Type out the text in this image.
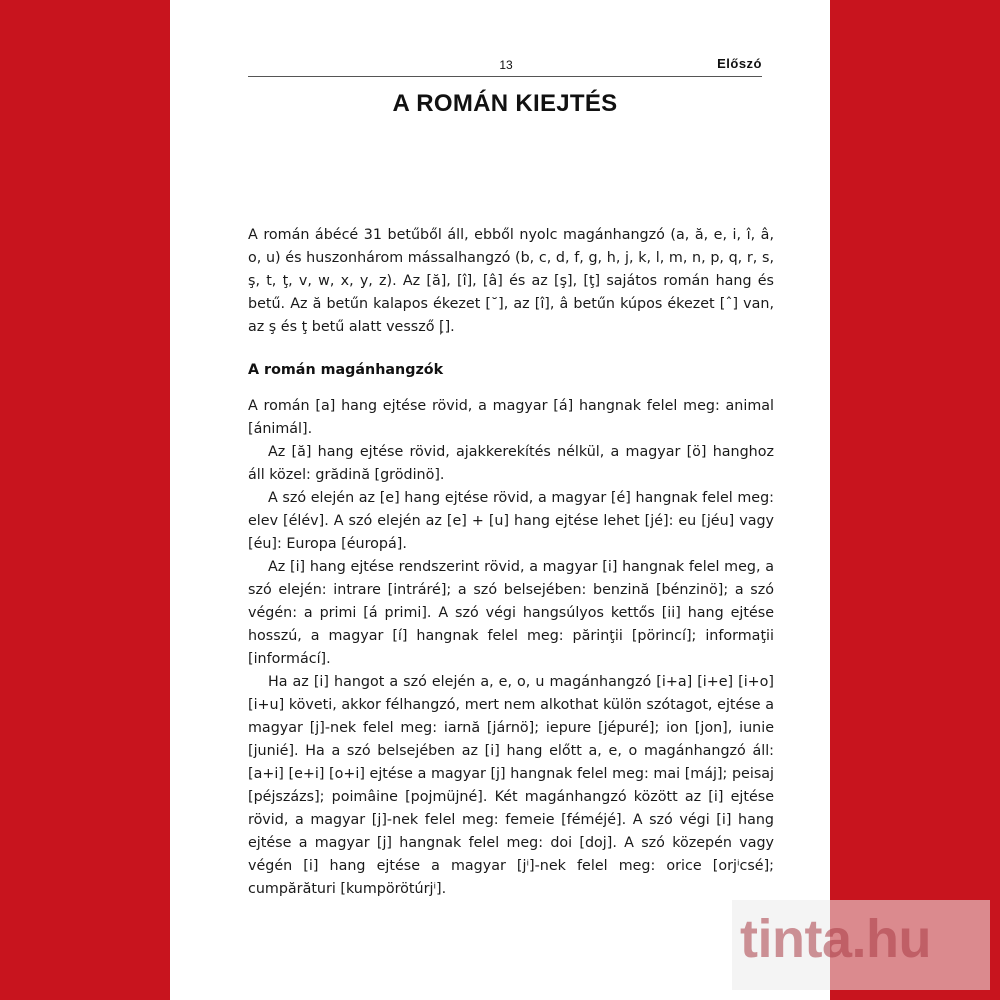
13	Előszó
A ROMÁN KIEJTÉS

A román ábécé 31 betűből áll, ebből nyolc magánhangzó (a, ă, e, i, î, â, o, u) és huszonhárom mássalhangzó (b, c, d, f, g, h, j, k, l, m, n, p, q, r, s, ş, t, ţ, v, w, x, y, z). Az [ă], [î], [â] és az [ş], [ţ] sajátos román hang és betű. Az ă betűn kalapos ékezet [˘], az [î], â betűn kúpos ékezet [ˆ] van, az ş és ţ betű alatt vessző [̦].

A román magánhangzók

A román [a] hang ejtése rövid, a magyar [á] hangnak felel meg: animal [ánimál].

Az [ă] hang ejtése rövid, ajakkerekítés nélkül, a magyar [ö] hanghoz áll közel: grădină [grödinö].

A szó elején az [e] hang ejtése rövid, a magyar [é] hangnak felel meg: elev [élév]. A szó elején az [e] + [u] hang ejtése lehet [jé]: eu [jéu] vagy [éu]: Europa [éuropá].

Az [i] hang ejtése rendszerint rövid, a magyar [i] hangnak felel meg, a szó elején: intrare [intráré]; a szó belsejében: benzină [bénzinö]; a szó végén: a primi [á primi]. A szó végi hangsúlyos kettős [ii] hang ejtése hosszú, a magyar [í] hangnak felel meg: părinţii [pörincí]; informaţii [informácí].

Ha az [i] hangot a szó elején a, e, o, u magánhangzó [i+a] [i+e] [i+o] [i+u] követi, akkor félhangzó, mert nem alkothat külön szótagot, ejtése a magyar [j]-nek felel meg: iarnă [járnö]; iepure [jépuré]; ion [jon], iunie [junié]. Ha a szó belsejében az [i] hang előtt a, e, o magánhangzó áll: [a+i] [e+i] [o+i] ejtése a magyar [j] hangnak felel meg: mai [máj]; peisaj [péjszázs]; poimâine [pojmüjné]. Két magánhangzó között az [i] ejtése rövid, a magyar [j]-nek felel meg: femeie [féméjé]. A szó végi [i] hang ejtése a magyar [j] hangnak felel meg: doi [doj]. A szó közepén vagy végén [i] hang ejtése a magyar [jⁱ]-nek felel meg: orice [orjⁱcsé]; cumpărături [kumpörötúrjⁱ].

tinta.hu
